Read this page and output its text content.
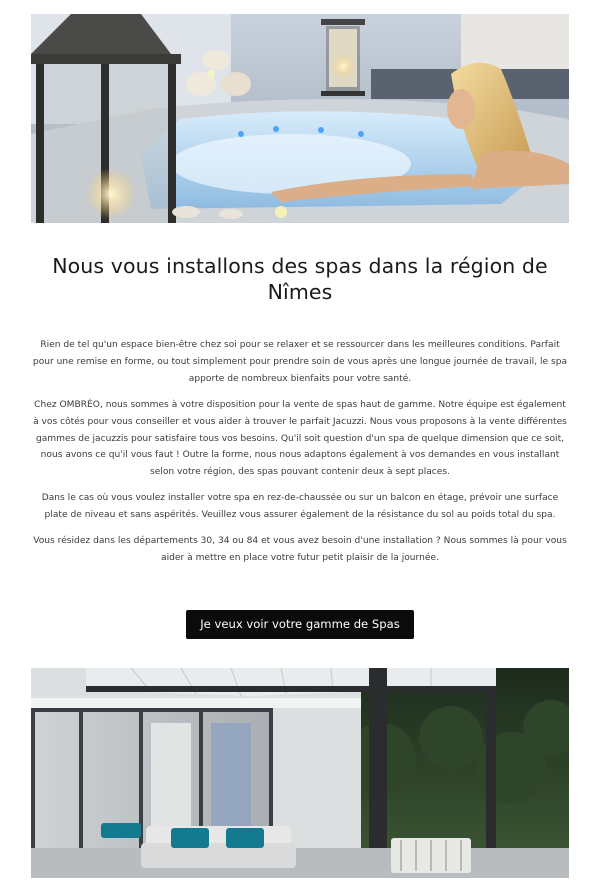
Nous vous installons des spas dans la région de Nîmes

Rien de tel qu'un espace bien-être chez soi pour se relaxer et se ressourcer dans les meilleures conditions. Parfait pour une remise en forme, ou tout simplement pour prendre soin de vous après une longue journée de travail, le spa apporte de nombreux bienfaits pour votre santé.

Chez OMBRÉO, nous sommes à votre disposition pour la vente de spas haut de gamme. Notre équipe est également à vos côtés pour vous conseiller et vous aider à trouver le parfait Jacuzzi. Nous vous proposons à la vente différentes gammes de jacuzzis pour satisfaire tous vos besoins. Qu'il soit question d'un spa de quelque dimension que ce soit, nous avons ce qu'il vous faut ! Outre la forme, nous nous adaptons également à vos demandes en vous installant selon votre région, des spas pouvant contenir deux à sept places.

Dans le cas où vous voulez installer votre spa en rez-de-chaussée ou sur un balcon en étage, prévoir une surface plate de niveau et sans aspérités. Veuillez vous assurer également de la résistance du sol au poids total du spa.

Vous résidez dans les départements 30, 34 ou 84 et vous avez besoin d'une installation ? Nous sommes là pour vous aider à mettre en place votre futur petit plaisir de la journée.

Je veux voir votre gamme de Spas
